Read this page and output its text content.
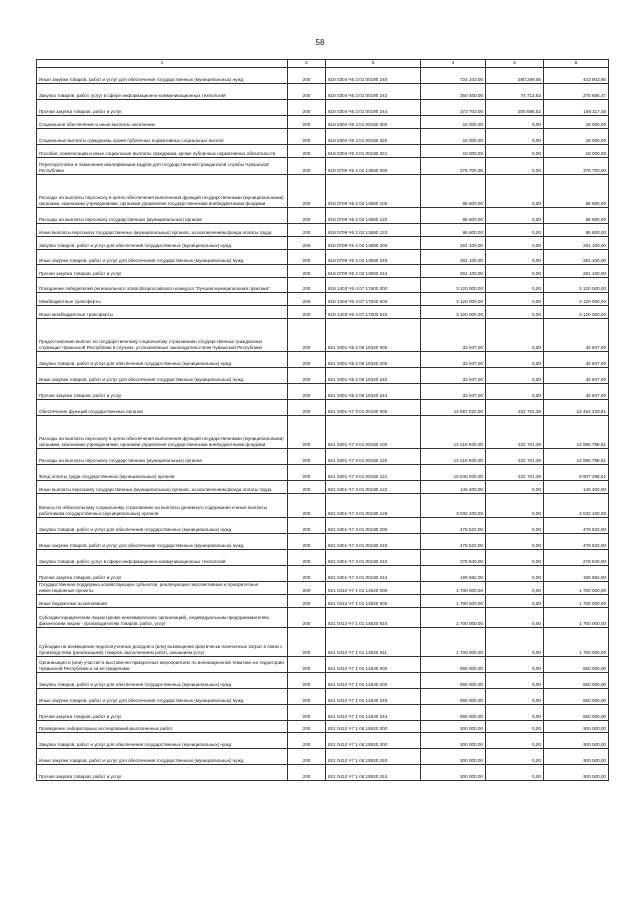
58
1	2	3	4	5	6
Иные закупки товаров, работ и услуг для обеспечения государственных (муниципальных) нужд	200	818 0304 Ч5 3 01 00190 240	724 103,00	280 299,05	443 803,95
Закупка товаров, работ, услуг в сфере информационно-коммуникационных технологий	200	818 0304 Ч5 3 01 00190 242	350 400,00	74 713,53	275 686,47
Прочая закупка товаров, работ и услуг	200	818 0304 Ч5 3 01 00190 244	373 703,00	205 585,52	168 117,48
Социальное обеспечение и иные выплаты населению	200	818 0304 Ч5 3 01 00190 300	18 000,00	0,00	18 000,00
Социальные выплаты гражданам, кроме публичных нормативных социальных выплат	200	818 0304 Ч5 3 01 00190 320	18 000,00	0,00	18 000,00
Пособия, компенсации и иные социальные выплаты гражданам, кроме публичных нормативных обязательств	200	818 0304 Ч5 3 01 00190 321	18 000,00	0,00	18 000,00
Переподготовка и повышение квалификации кадров для государственной гражданской службы Чувашской Республики	200	818 0709 Ч5 2 02 13690 000	376 700,00	0,00	376 700,00
Расходы на выплаты персоналу в целях обеспечения выполнения функций государственными (муниципальными) органами, казенными учреждениями, органами управления государственными внебюджетными фондами	200	818 0709 Ч5 2 02 13690 100	95 600,00	0,00	95 600,00
Расходы на выплаты персоналу государственных (муниципальных) органов	200	818 0709 Ч5 2 02 13690 120	95 600,00	0,00	95 600,00
Иные выплаты персоналу государственных (муниципальных) органов, за исключением фонда оплаты труда	200	818 0709 Ч5 2 02 13690 122	95 600,00	0,00	95 600,00
Закупка товаров, работ и услуг для обеспечения государственных (муниципальных) нужд	200	818 0709 Ч5 2 02 13690 200	281 100,00	0,00	281 100,00
Иные закупки товаров, работ и услуг для обеспечения государственных (муниципальных) нужд	200	818 0709 Ч5 2 02 13690 240	281 100,00	0,00	281 100,00
Прочая закупка товаров, работ и услуг	200	818 0709 Ч5 2 02 13690 244	281 100,00	0,00	281 100,00
Поощрение победителей регионального этапа Всероссийского конкурса "Лучшая муниципальная практика"	200	818 1403 Ч5 4 07 17600 000	3 120 000,00	0,00	3 120 000,00
Межбюджетные трансферты	200	818 1403 Ч5 4 07 17600 500	3 120 000,00	0,00	3 120 000,00
Иные межбюджетные трансферты	200	818 1403 Ч5 4 07 17600 540	3 120 000,00	0,00	3 120 000,00
Предоставление выплат по государственному социальному страхованию государственных гражданских служащих Чувашской Республики в случаях, установленных законодательством Чувашской Республики	200	821 0401 Ч5 2 05 15320 000	33 947,00	0,00	33 947,00
Закупка товаров, работ и услуг для обеспечения государственных (муниципальных) нужд	200	821 0401 Ч5 2 05 15320 200	33 947,00	0,00	33 947,00
Иные закупки товаров, работ и услуг для обеспечения государственных (муниципальных) нужд	200	821 0401 Ч5 2 05 15320 240	33 947,00	0,00	33 947,00
Прочая закупка товаров, работ и услуг	200	821 0401 Ч5 2 05 15320 244	33 947,00	0,00	33 947,00
Обеспечение функций государственных органов	200	821 0401 Ч7 3 01 00190 000	13 697 022,00	232 701,39	13 464 320,61
Расходы на выплаты персоналу в целях обеспечения выполнения функций государственными (муниципальными) органами, казенными учреждениями, органами управления государственными внебюджетными фондами	200	821 0401 Ч7 3 01 00190 100	13 218 500,00	232 701,39	12 985 798,61
Расходы на выплаты персоналу государственных (муниципальных) органов	200	821 0401 Ч7 3 01 00190 120	13 218 500,00	232 701,39	12 985 798,61
Фонд оплаты труда государственных (муниципальных) органов	200	821 0401 Ч7 3 01 00190 121	10 040 000,00	232 701,39	9 807 298,61
Иные выплаты персоналу государственных (муниципальных) органов, за исключением фонда оплаты труда	200	821 0401 Ч7 3 01 00190 122	146 400,00	0,00	146 400,00
Взносы по обязательному социальному страхованию на выплаты денежного содержания и иные выплаты работникам государственных (муниципальных) органов	200	821 0401 Ч7 3 01 00190 129	3 032 100,00	0,00	3 032 100,00
Закупка товаров, работ и услуг для обеспечения государственных (муниципальных) нужд	200	821 0401 Ч7 3 01 00190 200	478 522,00	0,00	478 522,00
Иные закупки товаров, работ и услуг для обеспечения государственных (муниципальных) нужд	200	821 0401 Ч7 3 01 00190 240	478 522,00	0,00	478 522,00
Закупка товаров, работ, услуг в сфере информационно-коммуникационных технологий	200	821 0401 Ч7 3 01 00190 242	278 840,00	0,00	278 840,00
Прочая закупка товаров, работ и услуг	200	821 0401 Ч7 3 01 00190 244	199 682,00	0,00	199 682,00
Государственная поддержка хозяйствующих субъектов, реализующих перспективные и приоритетные инвестиционные проекты	200	821 0412 Ч7 1 01 14620 000	1 700 000,00	0,00	1 700 000,00
Иные бюджетные ассигнования	200	821 0412 Ч7 1 01 14620 800	1 700 000,00	0,00	1 700 000,00
Субсидии юридическим лицам (кроме некоммерческих организаций), индивидуальным предпринимателям, физическим лицам - производителям товаров, работ, услуг	200	821 0412 Ч7 1 01 14620 810	1 700 000,00	0,00	1 700 000,00
Субсидии на возмещение недополученных доходов и (или) возмещение фактически понесенных затрат в связи с производством (реализацией) товаров, выполнением работ, оказанием услуг	200	821 0412 Ч7 1 01 14620 811	1 700 000,00	0,00	1 700 000,00
Организация и (или) участие в выставочно-ярмарочных мероприятиях по инновационной тематике на территории Чувашской Республики и за ее пределами	200	821 0412 Ч7 1 04 14630 000	650 000,00	0,00	650 000,00
Закупка товаров, работ и услуг для обеспечения государственных (муниципальных) нужд	200	821 0412 Ч7 1 04 14630 200	650 000,00	0,00	650 000,00
Иные закупки товаров, работ и услуг для обеспечения государственных (муниципальных) нужд	200	821 0412 Ч7 1 04 14630 240	650 000,00	0,00	650 000,00
Прочая закупка товаров, работ и услуг	200	821 0412 Ч7 1 04 14630 244	650 000,00	0,00	650 000,00
Проведение лабораторных исследований выполненных работ	200	821 0412 Ч7 1 06 15520 000	300 000,00	0,00	300 000,00
Закупка товаров, работ и услуг для обеспечения государственных (муниципальных) нужд	200	821 0412 Ч7 1 06 15520 200	300 000,00	0,00	300 000,00
Иные закупки товаров, работ и услуг для обеспечения государственных (муниципальных) нужд	200	821 0412 Ч7 1 06 15520 240	300 000,00	0,00	300 000,00
Прочая закупка товаров, работ и услуг	200	821 0412 Ч7 1 06 15520 244	300 000,00	0,00	300 000,00
